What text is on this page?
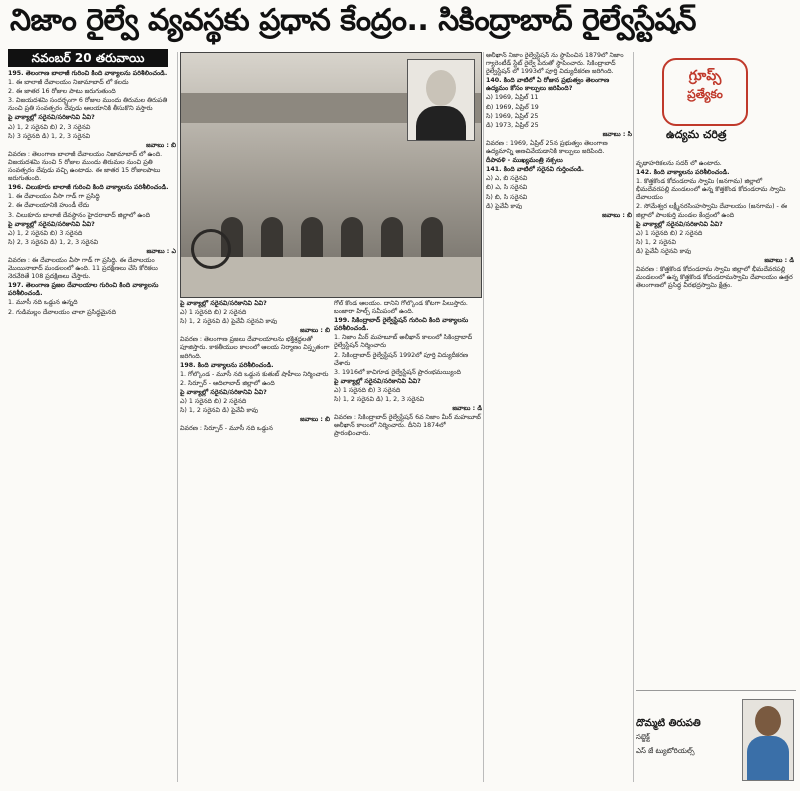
నిజాం రైల్వే వ్యవస్థకు ప్రధాన కేంద్రం.. సికింద్రాబాద్ రైల్వేస్టేషన్
నవంబర్ 20 తరువాయి

195. తెలంగాణ బాలాజీ గురించి కింది వాక్యాలను పరిశీలించండి.

1. ఈ బాలాజీ దేవాలయం నిజామాబాద్ లో కలదు

2. ఈ జాతర 16 రోజుల పాటు జరుగుతుంది

3. విజయదశమి సందర్భంగా 6 రోజుల ముందు తిరుమల తిరుపతి నుంచి ప్రతి సంవత్సరం దేవుడు ఆలయానికి తీసుకొని వస్తారు

పై వాక్యాల్లో సరైనవి/సరికానివి ఏవి?

ఎ) 1, 2 సరైనవి బి) 2, 3 సరైనవి

సి) 3 సరైనది డి) 1, 2, 3 సరైనవి

జవాబు : బి

వివరణ : తెలంగాణ బాలాజీ దేవాలయం నిజామాబాద్ లో ఉంది. విజయదశమి నుంచి 5 రోజుల ముందు తిరుమల నుంచి ప్రతి సంవత్సరం దేవుడు వచ్చి ఉంటాడు. ఈ జాతర 15 రోజులపాటు జరుగుతుంది.

196. చిలుకూరు బాలాజీ గురించి కింది వాక్యాలను పరిశీలించండి.

1. ఈ దేవాలయం వీసా గాడ్ గా ప్రసిద్ధి

2. ఈ దేవాలయానికి హుండీ లేదు

3. చిలుకూరు బాలాజీ దేవస్థానం హైదరాబాద్ జిల్లాలో ఉంది

పై వాక్యాల్లో సరైనవి/సరికానివి ఏవి?

ఎ) 1, 2 సరైనవి బి) 3 సరైనది

సి) 2, 3 సరైనవి డి) 1, 2, 3 సరైనవి

జవాబు : ఎ

వివరణ : ఈ దేవాలయం వీసా గాడ్ గా ప్రసిద్ధి. ఈ దేవాలయం మొయినాబాద్ మండలంలో ఉంది. 11 ప్రదక్షిణలు చేసి కోరికలు నెరవేరితే 108 ప్రదక్షిణలు చేస్తారు.

197. తెలంగాణ ప్రజల దేవాలయాల గురించి కింది వాక్యాలను పరిశీలించండి.

1. మూసీ నది ఒడ్డున ఉన్నది

2. గుడిమల్లం దేవాలయం చాలా ప్రసిద్ధమైనది

పై వాక్యాల్లో సరైనవి/సరికానివి ఏవి?

ఎ) 1 సరైనది బి) 2 సరైనది

సి) 1, 2 సరైనవి డి) పైవేవీ సరైనవి కావు

జవాబు : బి

వివరణ : తెలంగాణ ప్రజలు దేవాలయాలను భక్తిశ్రద్ధలతో పూజిస్తారు. కాకతీయుల కాలంలో ఆలయ నిర్మాణం విస్తృతంగా జరిగింది.

198. కింది వాక్యాలను పరిశీలించండి.

1. గోల్కొండ - మూసీ నది ఒడ్డున కుతుబ్ షాహీలు నిర్మించారు

2. సిర్పూర్ - ఆదిలాబాద్ జిల్లాలో ఉంది

పై వాక్యాల్లో సరైనవి/సరికానివి ఏవి?

ఎ) 1 సరైనది బి) 2 సరైనది

సి) 1, 2 సరైనవి డి) పైవేవీ కావు

జవాబు : బి

వివరణ : సిర్పూర్ - మూసీ నది ఒడ్డున

గోల్ కొండ ఆలయం. దానిని గోల్కొండ కోటగా పిలుస్తారు. బంజారా హిల్స్ సమీపంలో ఉంది.

199. సికింద్రాబాద్ రైల్వేస్టేషన్ గురించి కింది వాక్యాలను పరిశీలించండి.

1. నిజాం మీర్ మహబూబ్ అలీఖాన్ కాలంలో సికింద్రాబాద్ రైల్వేస్టేషన్ నిర్మించారు

2. సికింద్రాబాద్ రైల్వేస్టేషన్ 1992లో పూర్తి విద్యుదీకరణ చేశారు

3. 1916లో కాచిగూడ రైల్వేస్టేషన్ ప్రారంభమయ్యింది

పై వాక్యాల్లో సరైనవి/సరికానివి ఏవి?

ఎ) 1 సరైనది బి) 3 సరైనది

సి) 1, 2 సరైనవి డి) 1, 2, 3 సరైనవి

జవాబు : డి

వివరణ : సికింద్రాబాద్ రైల్వేస్టేషన్ 6వ నిజాం మీర్ మహబూబ్ అలీఖాన్ కాలంలో నిర్మించారు. దీనిని 1874లో ప్రారంభించారు.

అలీఖాన్ నిజాం రైల్వేస్టేషన్ ను స్థాపించిన 1879లో నిజాం గ్యారెంటీడ్ స్టేట్ రైల్వే పేరుతో స్థాపించారు. సికింద్రాబాద్ రైల్వేస్టేషన్ లో 1993లో పూర్తి విద్యుదీకరణ జరిగింది.

140. కింది వాటిలో ఏ రోజున ప్రభుత్వం తెలంగాణ ఉద్యమం కోసం కాల్పులు జరిపింది?

ఎ) 1969, ఏప్రిల్ 11

బి) 1969, ఏప్రిల్ 19

సి) 1969, ఏప్రిల్ 25

డి) 1973, ఏప్రిల్ 25

జవాబు : సి

వివరణ : 1969, ఏప్రిల్ 25న ప్రభుత్వం తెలంగాణ ఉద్యమాన్ని అణచివేయడానికి కాల్పులు జరిపింది.

దీపావళి - ముఖ్యమంత్రి నక్సలు

141. కింది వాటిలో సరైనవి గుర్తించండి.

ఎ) ఎ, బి సరైనవి

బి) ఎ, సి సరైనవి

సి) బి, సి సరైనవి

డి) పైవేవీ కావు

జవాబు : బి

గ్రూప్స్
ప్రత్యేకం
ఉద్యమ చరిత్ర

వృథాహరికలను సదర్ లో ఉంటారు.

142. కింది వాక్యాలను పరిశీలించండి.

1. కొత్తకొండ కోదండరామ స్వామి (జనగామ) జిల్లాలో భీమదేవరపల్లి మండలంలో ఉన్న కొత్తకొండ కోదండరామ స్వామి దేవాలయం

2. సోమేశ్వర లక్ష్మీనరసింహస్వామి దేవాలయం (జనగామ) - ఈ జిల్లాలో పాలకుర్తి మండల కేంద్రంలో ఉంది

పై వాక్యాల్లో సరైనవి/సరికానివి ఏవి?

ఎ) 1 సరైనది బి) 2 సరైనది

సి) 1, 2 సరైనవి

డి) పైవేవీ సరైనవి కావు

జవాబు : డి

వివరణ : కొత్తకొండ కోదండరామ స్వామి జిల్లాలో భీమదేవరపల్లి మండలంలో ఉన్న కొత్తకొండ కోదండరామస్వామి దేవాలయం ఉత్తర తెలంగాణలో ప్రసిద్ధ వీరభద్రస్వామి క్షేత్రం.

దొమ్మటి తిరుపతి
సబ్జెక్ట్
ఎస్ జే ట్యుటోరియల్స్
